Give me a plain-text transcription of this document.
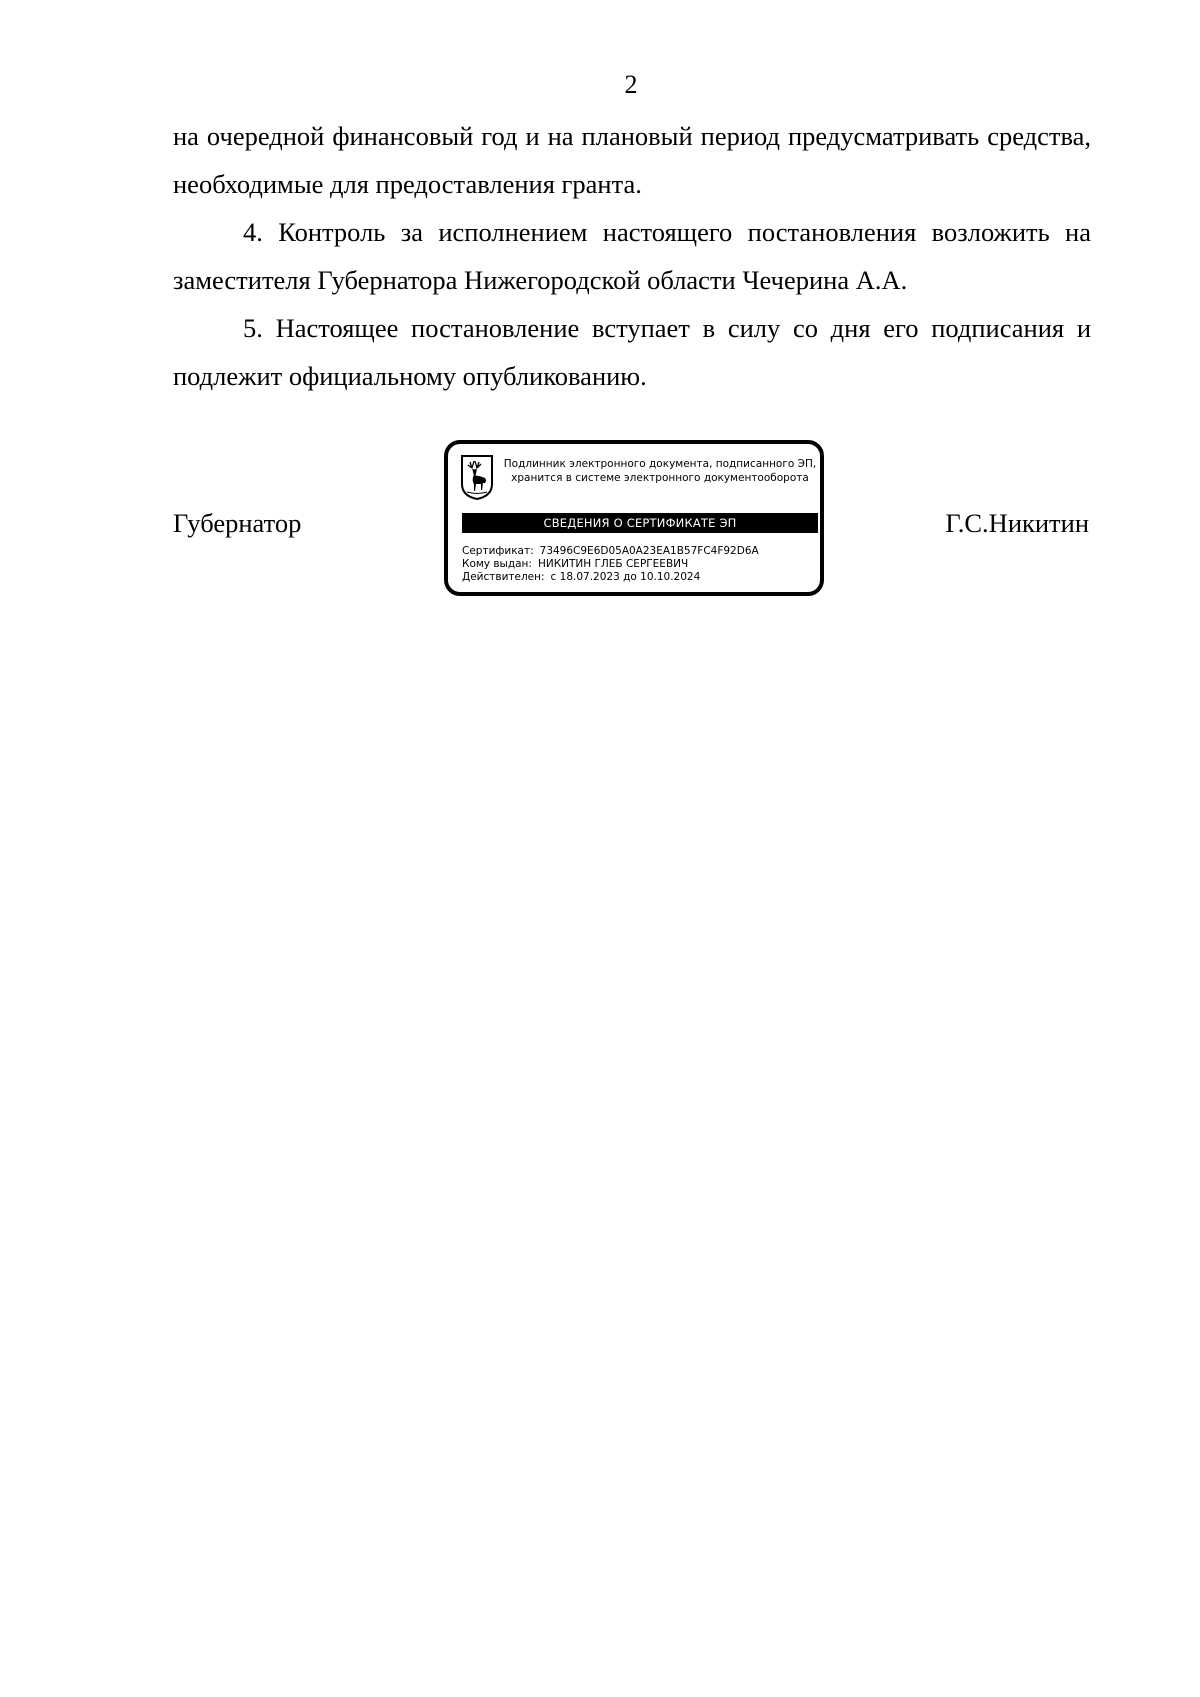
2

на очередной финансовый год и на плановый период предусматривать средства, необходимые для предоставления гранта.

4. Контроль за исполнением настоящего постановления возложить на заместителя Губернатора Нижегородской области Чечерина А.А.

5. Настоящее постановление вступает в силу со дня его подписания и подлежит официальному опубликованию.

Губернатор
Подлинник электронного документа, подписанного ЭП,
хранится в системе электронного документооборота
СВЕДЕНИЯ О СЕРТИФИКАТЕ ЭП
Сертификат: 73496C9E6D05A0A23EA1B57FC4F92D6A
Кому выдан: НИКИТИН ГЛЕБ СЕРГЕЕВИЧ
Действителен: с 18.07.2023 до 10.10.2024
Г.С.Никитин
